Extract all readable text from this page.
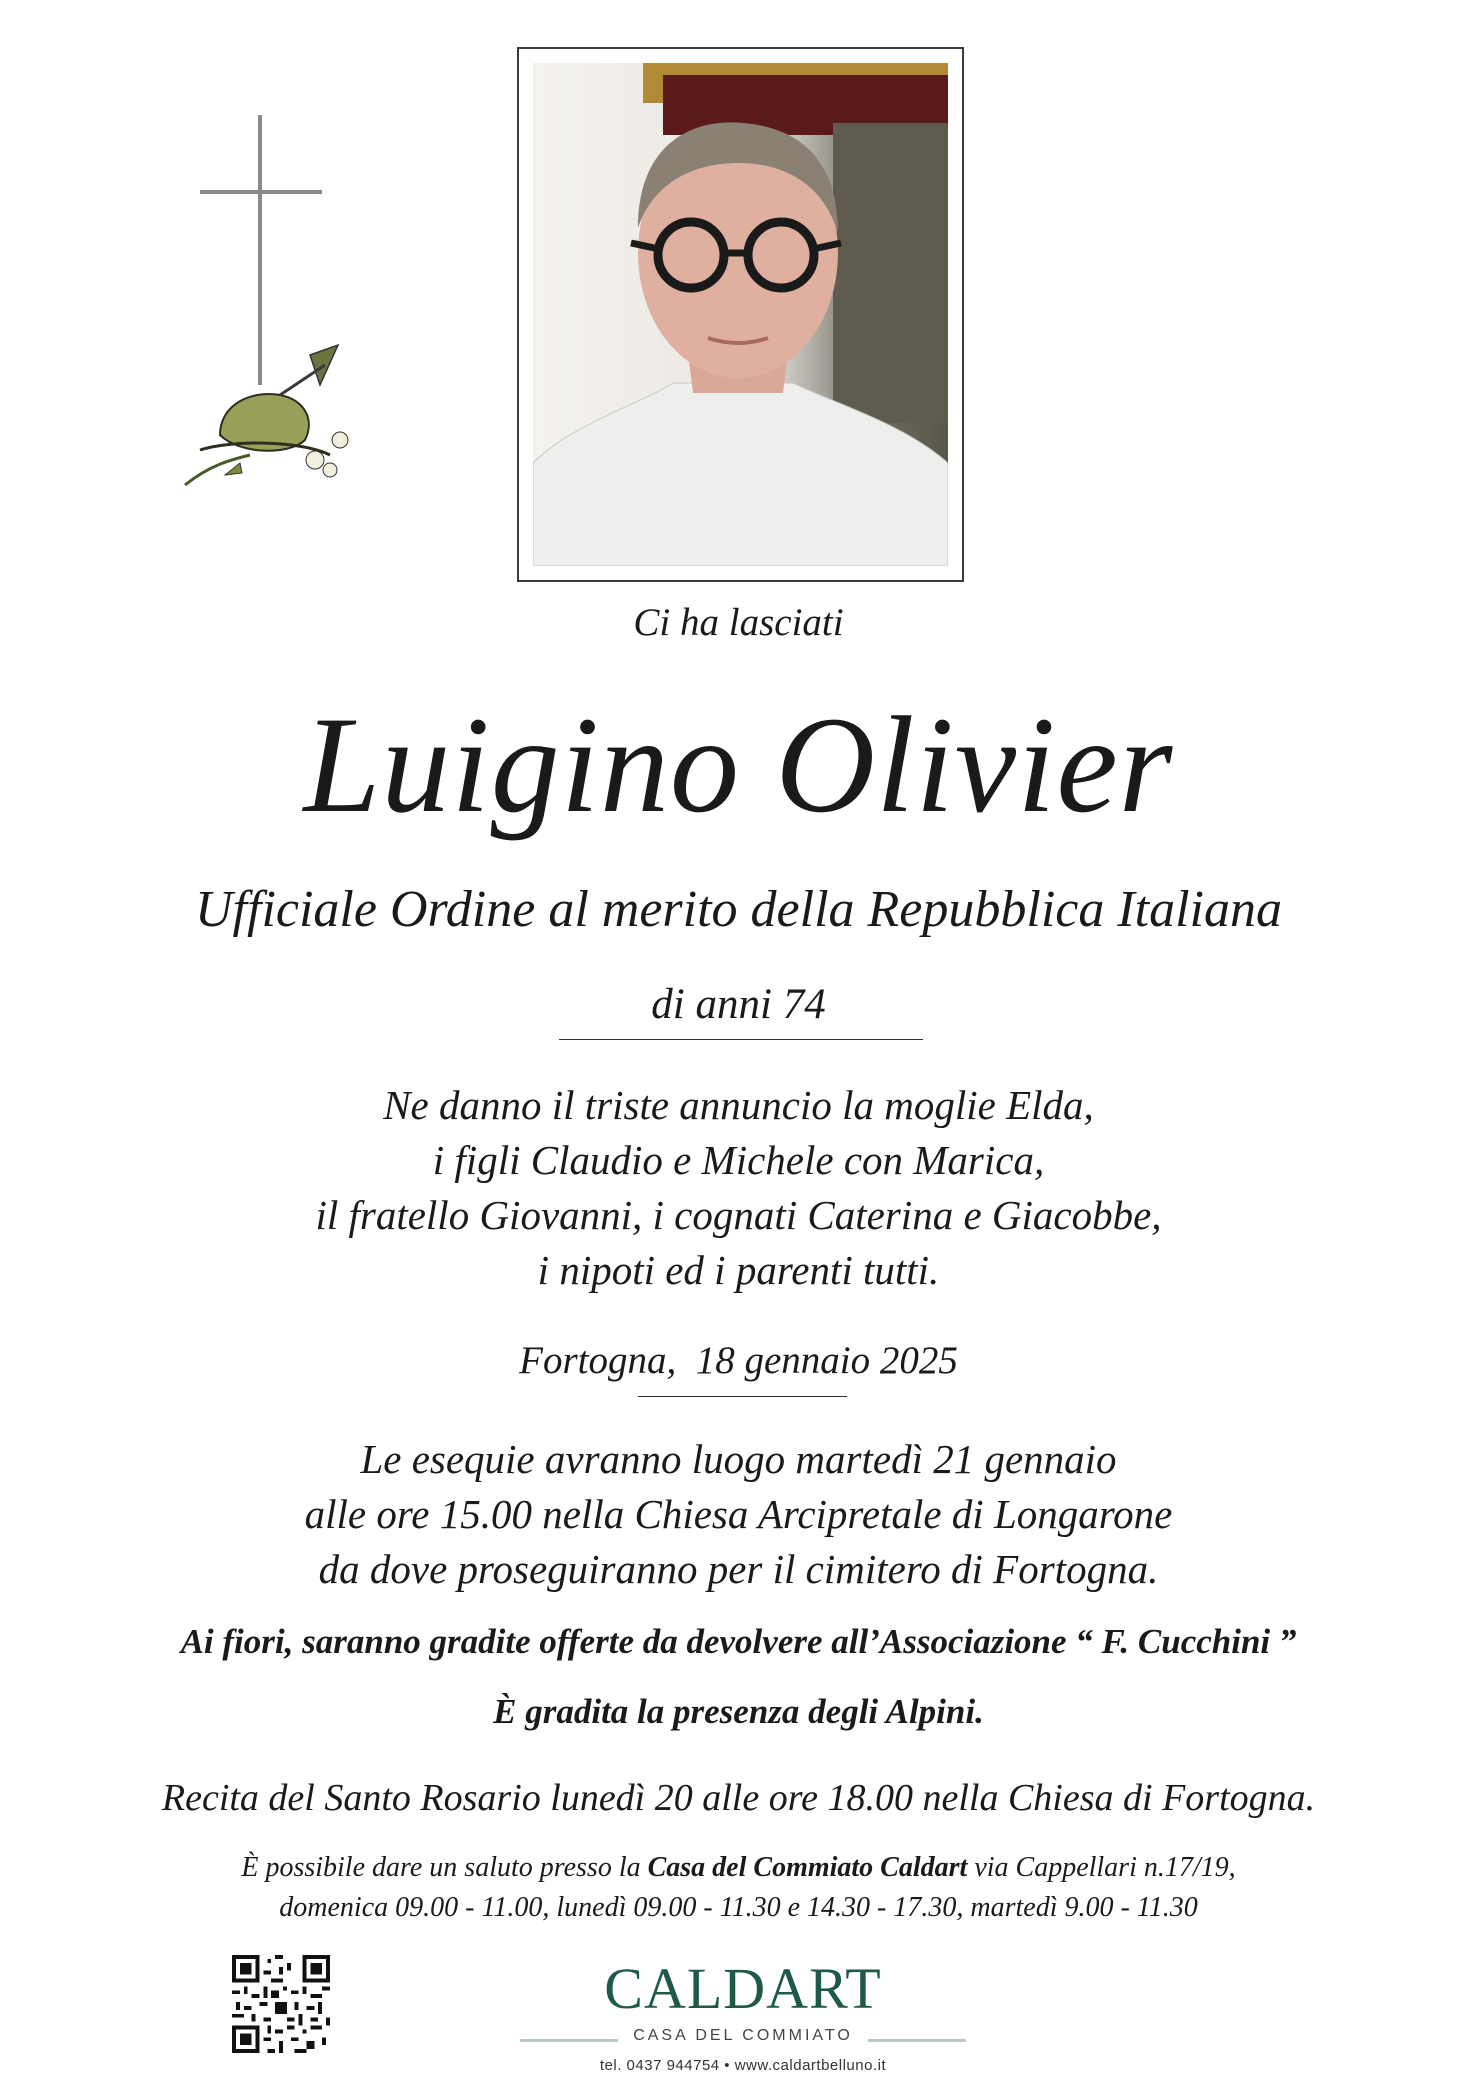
Ci ha lasciati
Luigino Olivier
Ufficiale Ordine al merito della Repubblica Italiana
di anni 74
Ne danno il triste annuncio la moglie Elda,
i figli Claudio e Michele con Marica,
il fratello Giovanni, i cognati Caterina e Giacobbe,
i nipoti ed i parenti tutti.
Fortogna,  18 gennaio 2025
Le esequie avranno luogo martedì 21 gennaio
alle ore 15.00 nella Chiesa Arcipretale di Longarone
da dove proseguiranno per il cimitero di Fortogna.
Ai fiori, saranno gradite offerte da devolvere all’Associazione “ F. Cucchini ”
È gradita la presenza degli Alpini.
Recita del Santo Rosario lunedì 20 alle ore 18.00 nella Chiesa di Fortogna.
È possibile dare un saluto presso la Casa del Commiato Caldart via Cappellari n.17/19,
domenica 09.00 - 11.00, lunedì 09.00 - 11.30 e 14.30 - 17.30, martedì 9.00 - 11.30
CALDART
CASA DEL COMMIATO
tel. 0437 944754 • www.caldartbelluno.it
